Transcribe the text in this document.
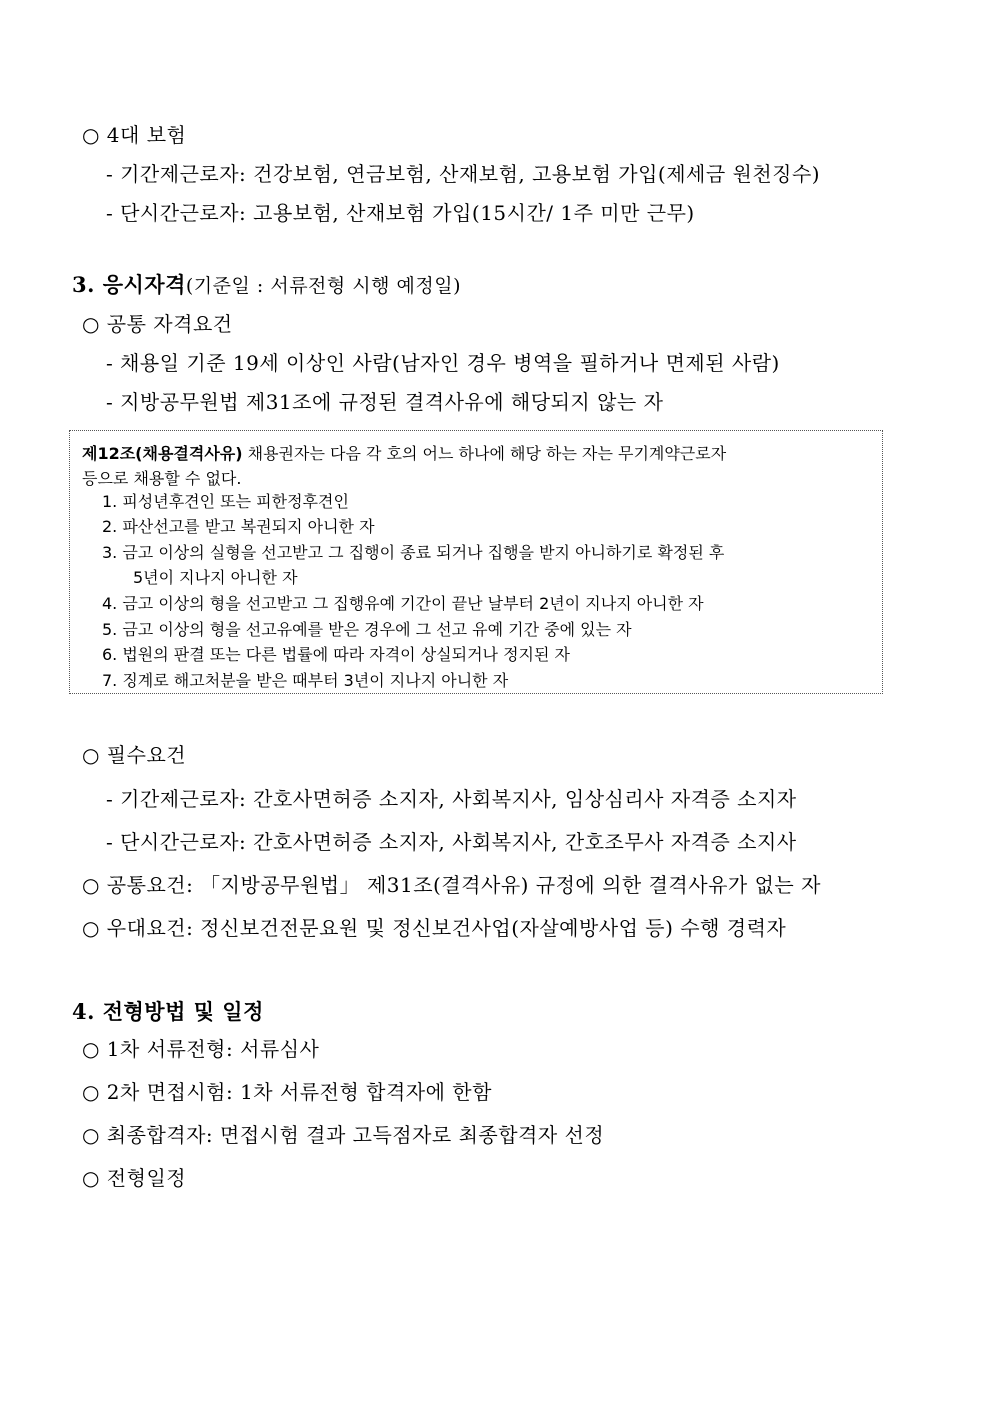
○ 4대 보험
- 기간제근로자: 건강보험, 연금보험, 산재보험, 고용보험 가입(제세금 원천징수)
- 단시간근로자: 고용보험, 산재보험 가입(15시간/ 1주 미만 근무)
3. 응시자격(기준일 : 서류전형 시행 예정일)
○ 공통 자격요건
- 채용일 기준 19세 이상인 사람(남자인 경우 병역을 필하거나 면제된 사람)
- 지방공무원법 제31조에 규정된 결격사유에 해당되지 않는 자
제12조(채용결격사유) 채용권자는 다음 각 호의 어느 하나에 해당 하는 자는 무기계약근로자
등으로 채용할 수 없다.
1. 피성년후견인 또는 피한정후견인
2. 파산선고를 받고 복권되지 아니한 자
3. 금고 이상의 실형을 선고받고 그 집행이 종료 되거나 집행을 받지 아니하기로 확정된 후
5년이 지나지 아니한 자
4. 금고 이상의 형을 선고받고 그 집행유예 기간이 끝난 날부터 2년이 지나지 아니한 자
5. 금고 이상의 형을 선고유예를 받은 경우에 그 선고 유예 기간 중에 있는 자
6. 법원의 판결 또는 다른 법률에 따라 자격이 상실되거나 정지된 자
7. 징계로 해고처분을 받은 때부터 3년이 지나지 아니한 자
○ 필수요건
- 기간제근로자: 간호사면허증 소지자, 사회복지사, 임상심리사 자격증 소지자
- 단시간근로자: 간호사면허증 소지자, 사회복지사, 간호조무사 자격증 소지사
○ 공통요건: 「지방공무원법」 제31조(결격사유) 규정에 의한 결격사유가 없는 자
○ 우대요건: 정신보건전문요원 및 정신보건사업(자살예방사업 등) 수행 경력자
4. 전형방법 및 일정
○ 1차 서류전형: 서류심사
○ 2차 면접시험: 1차 서류전형 합격자에 한함
○ 최종합격자: 면접시험 결과 고득점자로 최종합격자 선정
○ 전형일정
